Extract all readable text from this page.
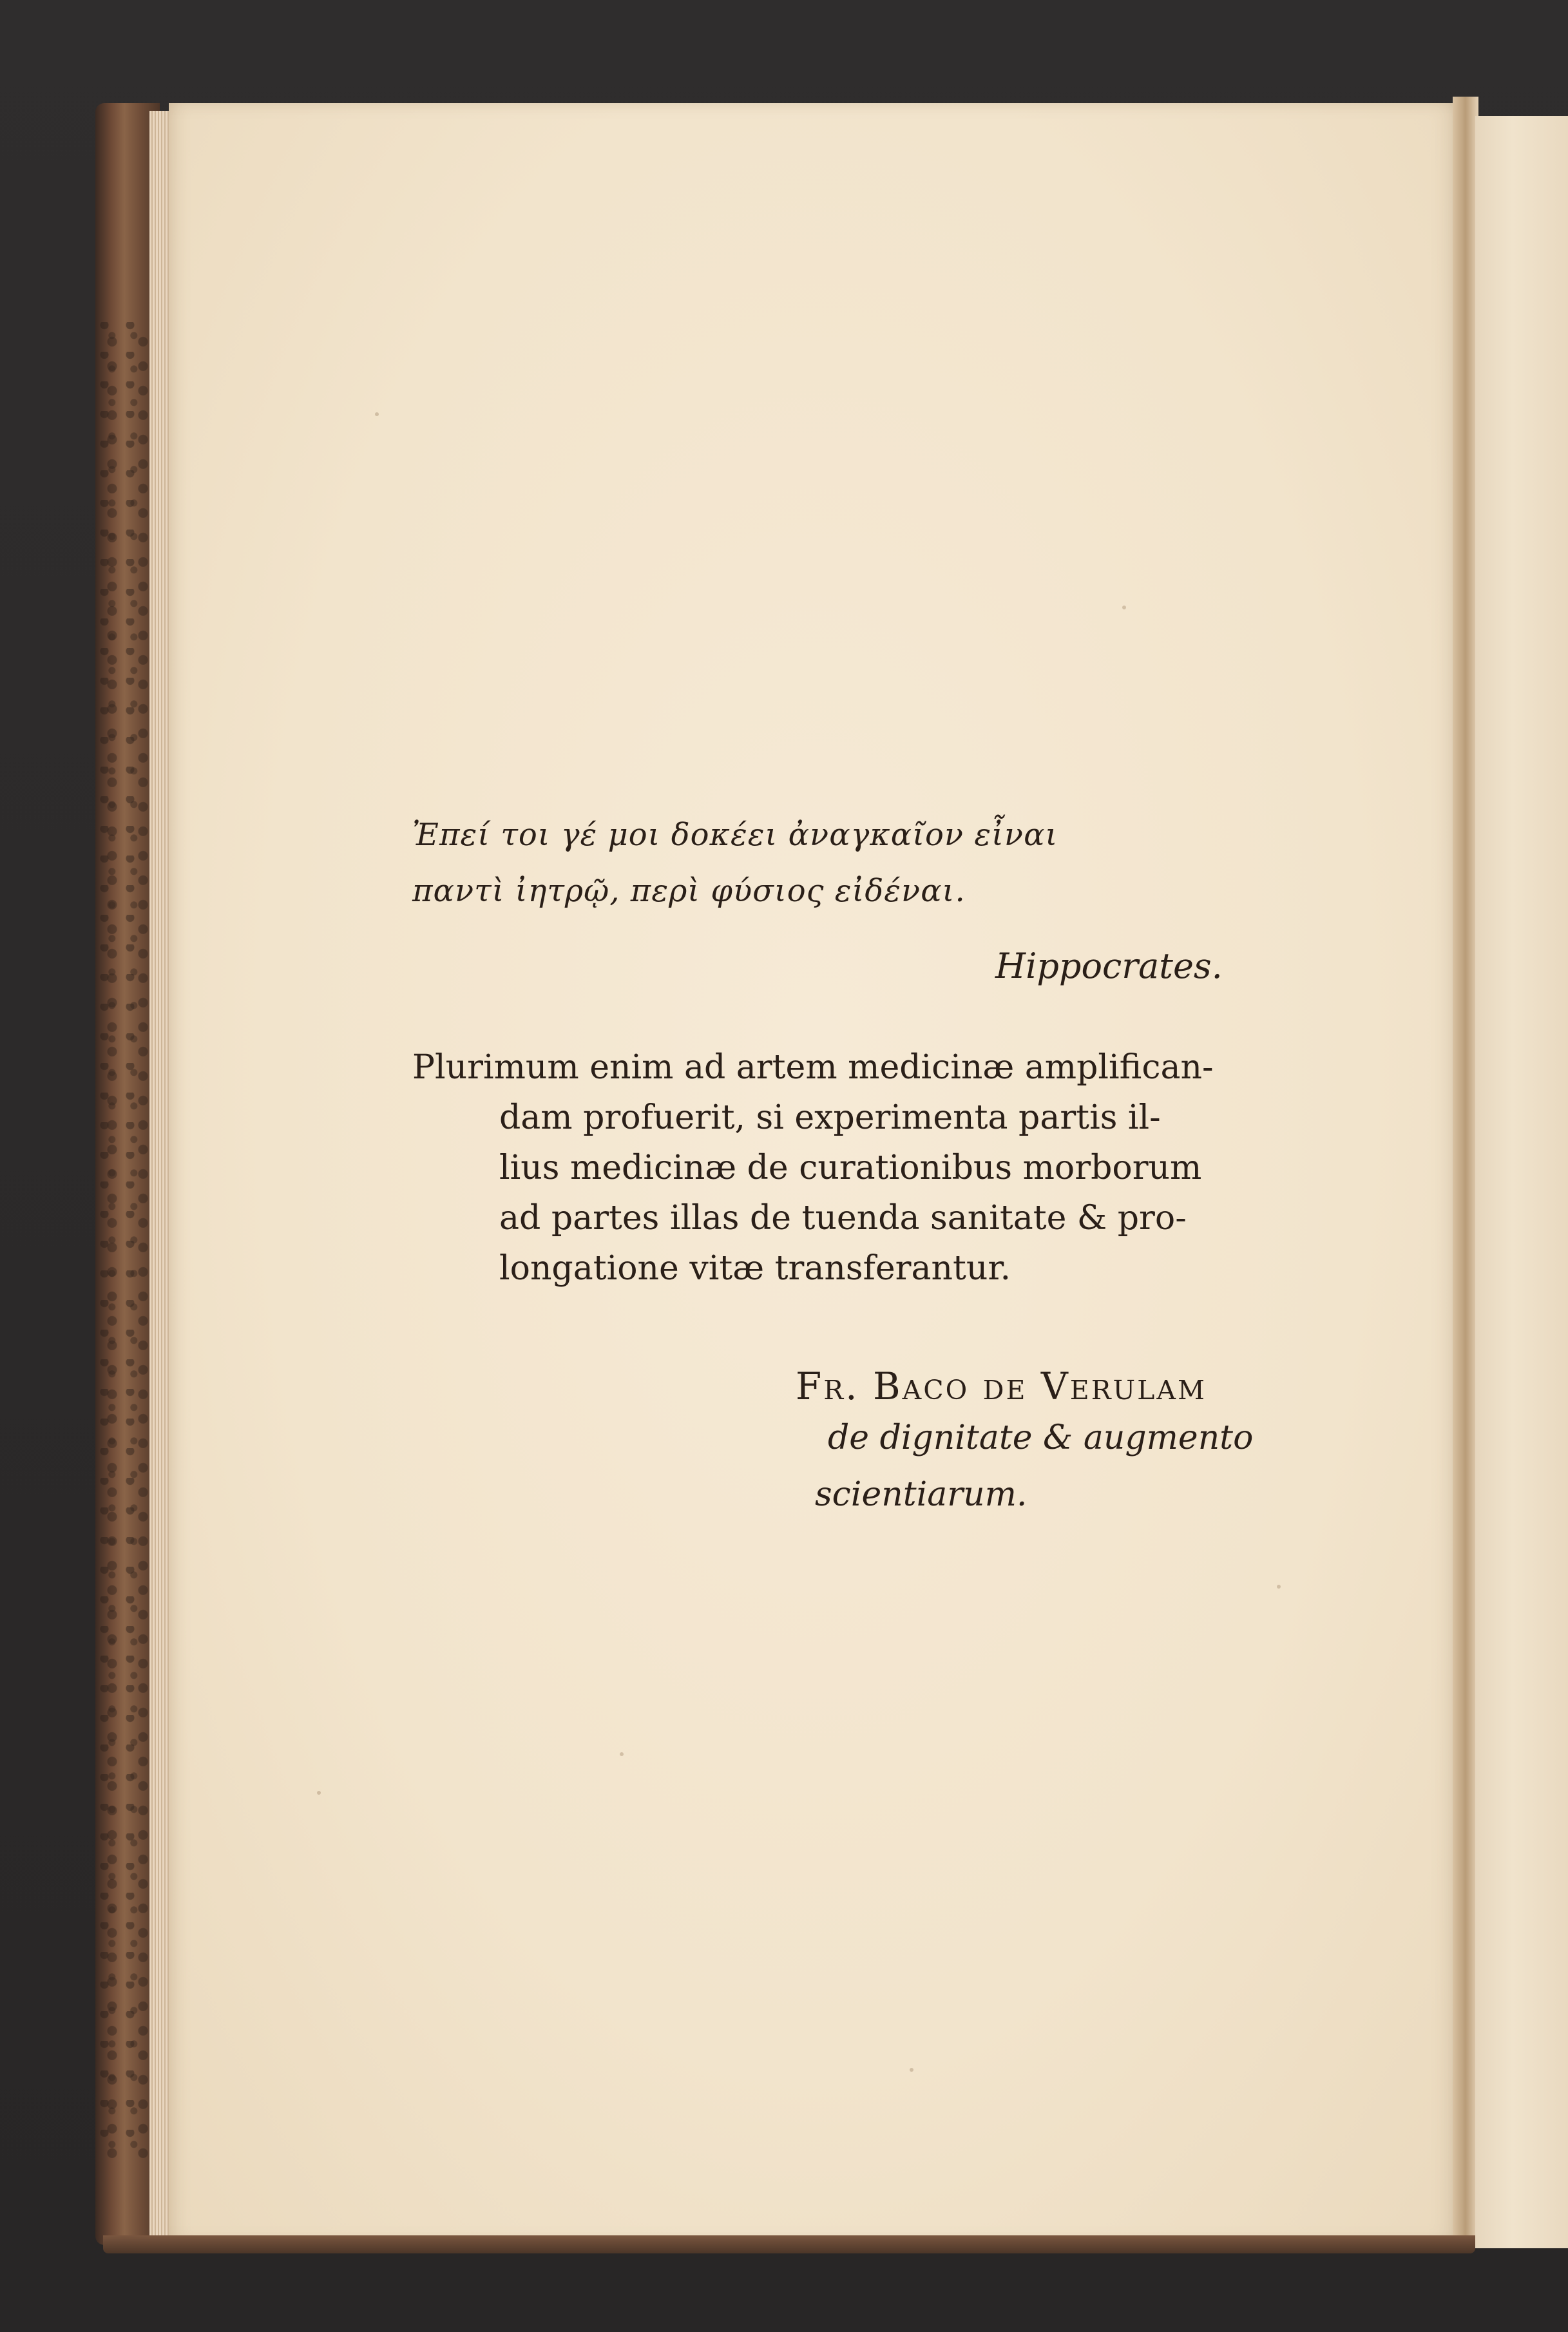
Ἐπεί τοι γέ μοι δοκέει ἀναγκαῖον εἶναι
παντὶ ἰητρῷ, περὶ φύσιος εἰδέναι.
Hippocrates.
Plurimum enim ad artem medicinæ amplifican-
dam profuerit, si experimenta partis il-
lius medicinæ de curationibus morborum
ad partes illas de tuenda sanitate & pro-
longatione vitæ transferantur.
Fr. Baco de Verulam
de dignitate & augmento
scientiarum.
